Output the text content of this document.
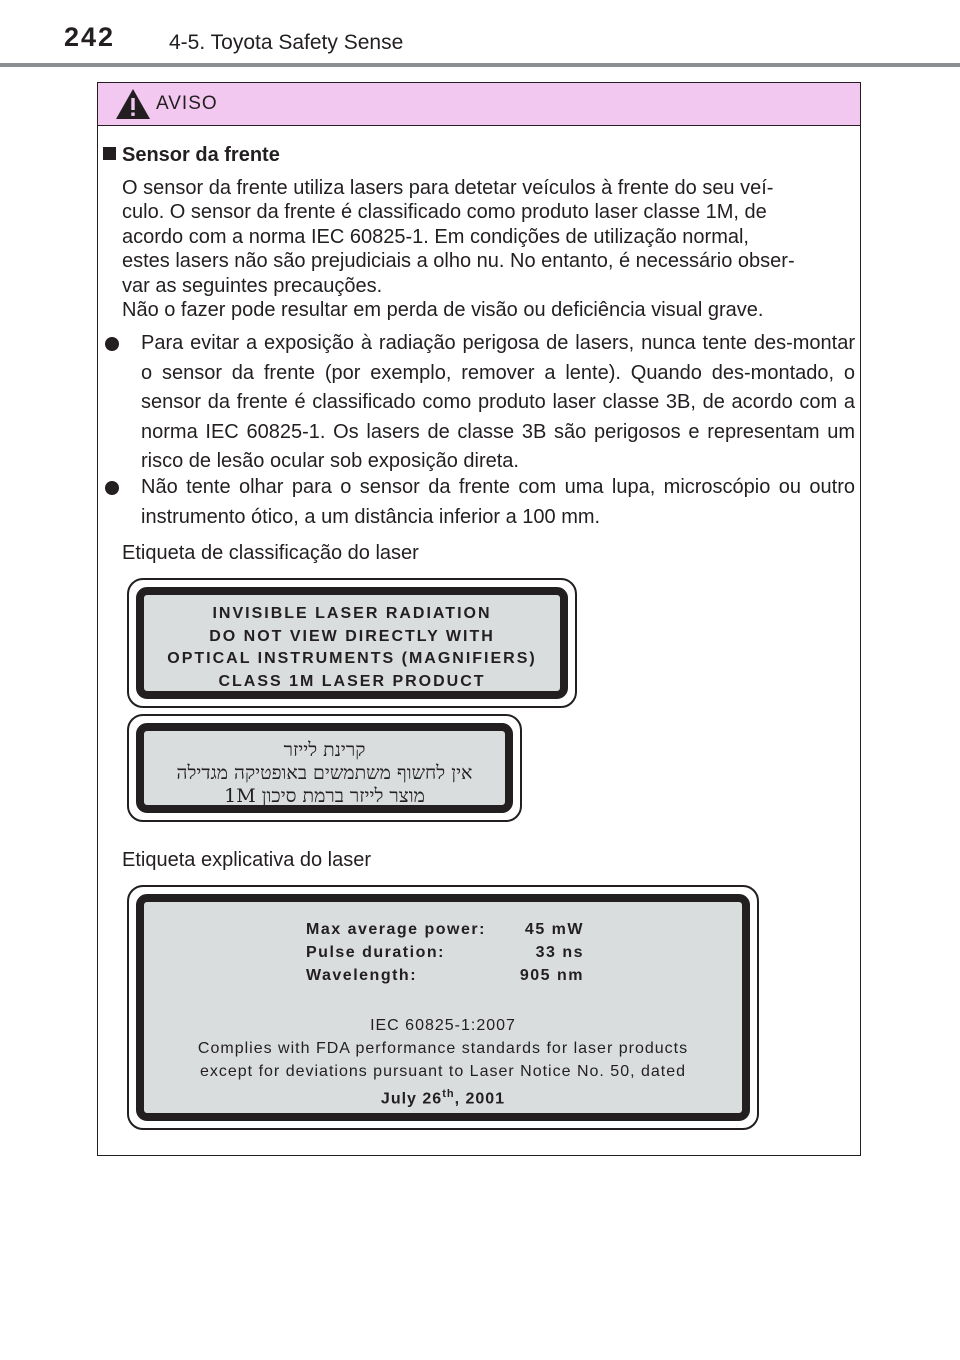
242	4-5. Toyota Safety Sense
AVISO
Sensor da frente

O sensor da frente utiliza lasers para detetar veículos à frente do seu veí-

culo. O sensor da frente é classificado como produto laser classe 1M, de

acordo com a norma IEC 60825-1. Em condições de utilização normal,

estes lasers não são prejudiciais a olho nu. No entanto, é necessário obser-

var as seguintes precauções.

Não o fazer pode resultar em perda de visão ou deficiência visual grave.

Para evitar a exposição à radiação perigosa de lasers, nunca tente des-montar o sensor da frente (por exemplo, remover a lente). Quando des-montado, o sensor da frente é classificado como produto laser classe 3B, de acordo com a norma IEC 60825-1. Os lasers de classe 3B são perigosos e representam um risco de lesão ocular sob exposição direta.
Não tente olhar para o sensor da frente com uma lupa, microscópio ou outro instrumento ótico, a um distância inferior a 100 mm.
Etiqueta de classificação do laser
INVISIBLE LASER RADIATION
DO NOT VIEW DIRECTLY WITH
OPTICAL INSTRUMENTS (MAGNIFIERS)
CLASS 1M LASER PRODUCT
קרינת לייזר
אין לחשוף משתמשים באופטיקה מגדילה
מוצר לייזר ברמת סיכון 1M
Etiqueta explicativa do laser
Max average power:	45 mW
Pulse duration:	33 ns
Wavelength:	905 nm
IEC 60825-1:2007
Complies with FDA performance standards for laser products
except for deviations pursuant to Laser Notice No. 50, dated
July 26th, 2001
